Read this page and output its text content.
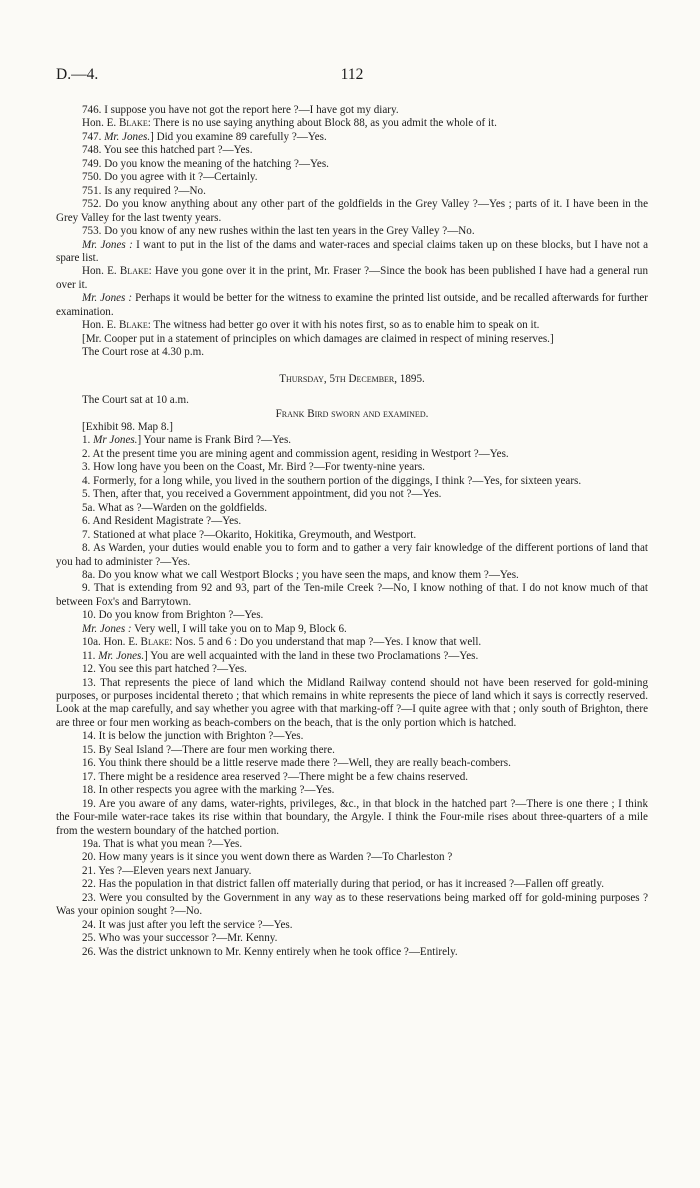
D.—4.	112

746. I suppose you have not got the report here ?—I have got my diary.

Hon. E. Blake: There is no use saying anything about Block 88, as you admit the whole of it.

747. Mr. Jones.] Did you examine 89 carefully ?—Yes.

748. You see this hatched part ?—Yes.

749. Do you know the meaning of the hatching ?—Yes.

750. Do you agree with it ?—Certainly.

751. Is any required ?—No.

752. Do you know anything about any other part of the goldfields in the Grey Valley ?—Yes ; parts of it. I have been in the Grey Valley for the last twenty years.

753. Do you know of any new rushes within the last ten years in the Grey Valley ?—No.

Mr. Jones : I want to put in the list of the dams and water-races and special claims taken up on these blocks, but I have not a spare list.

Hon. E. Blake: Have you gone over it in the print, Mr. Fraser ?—Since the book has been published I have had a general run over it.

Mr. Jones : Perhaps it would be better for the witness to examine the printed list outside, and be recalled afterwards for further examination.

Hon. E. Blake: The witness had better go over it with his notes first, so as to enable him to speak on it.

[Mr. Cooper put in a statement of principles on which damages are claimed in respect of mining reserves.]

The Court rose at 4.30 p.m.

Thursday, 5th December, 1895.

The Court sat at 10 a.m.

Frank Bird sworn and examined.

[Exhibit 98. Map 8.]

1. Mr Jones.] Your name is Frank Bird ?—Yes.

2. At the present time you are mining agent and commission agent, residing in Westport ?—Yes.

3. How long have you been on the Coast, Mr. Bird ?—For twenty-nine years.

4. Formerly, for a long while, you lived in the southern portion of the diggings, I think ?—Yes, for sixteen years.

5. Then, after that, you received a Government appointment, did you not ?—Yes.

5a. What as ?—Warden on the goldfields.

6. And Resident Magistrate ?—Yes.

7. Stationed at what place ?—Okarito, Hokitika, Greymouth, and Westport.

8. As Warden, your duties would enable you to form and to gather a very fair knowledge of the different portions of land that you had to administer ?—Yes.

8a. Do you know what we call Westport Blocks ; you have seen the maps, and know them ?—Yes.

9. That is extending from 92 and 93, part of the Ten-mile Creek ?—No, I know nothing of that. I do not know much of that between Fox's and Barrytown.

10. Do you know from Brighton ?—Yes.

Mr. Jones : Very well, I will take you on to Map 9, Block 6.

10a. Hon. E. Blake: Nos. 5 and 6 : Do you understand that map ?—Yes. I know that well.

11. Mr. Jones.] You are well acquainted with the land in these two Proclamations ?—Yes.

12. You see this part hatched ?—Yes.

13. That represents the piece of land which the Midland Railway contend should not have been reserved for gold-mining purposes, or purposes incidental thereto ; that which remains in white represents the piece of land which it says is correctly reserved. Look at the map carefully, and say whether you agree with that marking-off ?—I quite agree with that ; only south of Brighton, there are three or four men working as beach-combers on the beach, that is the only portion which is hatched.

14. It is below the junction with Brighton ?—Yes.

15. By Seal Island ?—There are four men working there.

16. You think there should be a little reserve made there ?—Well, they are really beach-combers.

17. There might be a residence area reserved ?—There might be a few chains reserved.

18. In other respects you agree with the marking ?—Yes.

19. Are you aware of any dams, water-rights, privileges, &c., in that block in the hatched part ?—There is one there ; I think the Four-mile water-race takes its rise within that boundary, the Argyle. I think the Four-mile rises about three-quarters of a mile from the western boundary of the hatched portion.

19a. That is what you mean ?—Yes.

20. How many years is it since you went down there as Warden ?—To Charleston ?

21. Yes ?—Eleven years next January.

22. Has the population in that district fallen off materially during that period, or has it increased ?—Fallen off greatly.

23. Were you consulted by the Government in any way as to these reservations being marked off for gold-mining purposes ? Was your opinion sought ?—No.

24. It was just after you left the service ?—Yes.

25. Who was your successor ?—Mr. Kenny.

26. Was the district unknown to Mr. Kenny entirely when he took office ?—Entirely.
